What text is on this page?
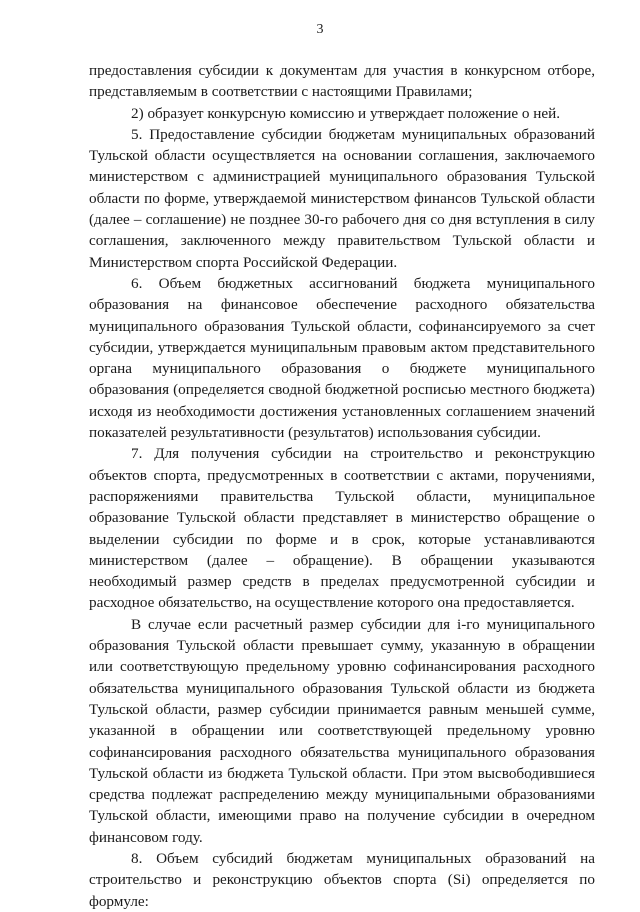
3

предоставления субсидии к документам для участия в конкурсном отборе, представляемым в соответствии с настоящими Правилами;

2) образует конкурсную комиссию и утверждает положение о ней.

5. Предоставление субсидии бюджетам муниципальных образований Тульской области осуществляется на основании соглашения, заключаемого министерством с администрацией муниципального образования Тульской области по форме, утверждаемой министерством финансов Тульской области (далее – соглашение) не позднее 30-го рабочего дня со дня вступления в силу соглашения, заключенного между правительством Тульской области и Министерством спорта Российской Федерации.

6. Объем бюджетных ассигнований бюджета муниципального образования на финансовое обеспечение расходного обязательства муниципального образования Тульской области, софинансируемого за счет субсидии, утверждается муниципальным правовым актом представительного органа муниципального образования о бюджете муниципального образования (определяется сводной бюджетной росписью местного бюджета) исходя из необходимости достижения установленных соглашением значений показателей результативности (результатов) использования субсидии.

7. Для получения субсидии на строительство и реконструкцию объектов спорта, предусмотренных в соответствии с актами, поручениями, распоряжениями правительства Тульской области, муниципальное образование Тульской области представляет в министерство обращение о выделении субсидии по форме и в срок, которые устанавливаются министерством (далее – обращение). В обращении указываются необходимый размер средств в пределах предусмотренной субсидии и расходное обязательство, на осуществление которого она предоставляется.

В случае если расчетный размер субсидии для i-го муниципального образования Тульской области превышает сумму, указанную в обращении или соответствующую предельному уровню софинансирования расходного обязательства муниципального образования Тульской области из бюджета Тульской области, размер субсидии принимается равным меньшей сумме, указанной в обращении или соответствующей предельному уровню софинансирования расходного обязательства муниципального образования Тульской области из бюджета Тульской области. При этом высвободившиеся средства подлежат распределению между муниципальными образованиями Тульской области, имеющими право на получение субсидии в очередном финансовом году.

8. Объем субсидий бюджетам муниципальных образований на строительство и реконструкцию объектов спорта (Si) определяется по формуле:
